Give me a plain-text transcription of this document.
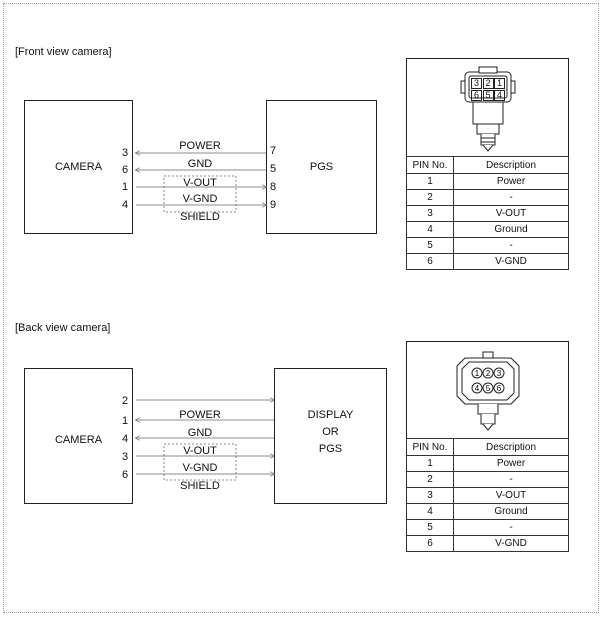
[Front view camera]
CAMERA	PGS
3
6
1
4
7
5
8
9
POWER
GND
V-OUT
V-GND
SHIELD
3 2 1
6 5 4
PIN No.	Description
1	Power
2	-
3	V-OUT
4	Ground
5	-
6	V-GND
[Back view camera]
CAMERA
DISPLAY
OR
PGS
2
1
4
3
6
POWER
GND
V-OUT
V-GND
SHIELD
1 2 3
4 5 6
PIN No.	Description
1	Power
2	-
3	V-OUT
4	Ground
5	-
6	V-GND
